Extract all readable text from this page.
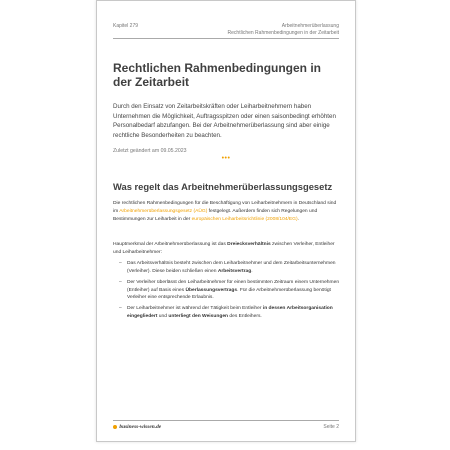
Kapitel 279	Arbeitnehmerüberlassung
Rechtlichen Rahmenbedingungen in der Zeitarbeit
Rechtlichen Rahmenbedingungen in der Zeitarbeit
Durch den Einsatz von Zeitarbeitskräften oder Leiharbeitnehmern haben Unternehmen die Möglichkeit, Auftragsspitzen oder einen saisonbedingt erhöhten Personalbedarf abzufangen. Bei der Arbeitnehmerüberlassung sind aber einige rechtliche Besonderheiten zu beachten.
Zuletzt geändert am 09.05.2023
•••
Was regelt das Arbeitnehmerüberlassungsgesetz
Die rechtlichen Rahmenbedingungen für die Beschäftigung von Leiharbeitnehmern in Deutschland sind im Arbeitnehmerüberlassungsgesetz (AÜG) festgelegt. Außerdem finden sich Regelungen und Bestimmungen zur Leiharbeit in der europäischen Leiharbeitsrichtlinie (2008/104/EG).
Hauptmerkmal der Arbeitnehmerüberlassung ist das Dreiecksverhältnis zwischen Verleiher, Entleiher und Leiharbeitnehmer:
– Das Arbeitsverhältnis besteht zwischen dem Leiharbeitnehmer und dem Zeitarbeitsunternehmen (Verleiher). Diese beiden schließen einen Arbeitsvertrag.
– Der Verleiher überlässt den Leiharbeitnehmer für einen bestimmten Zeitraum einem Unternehmen (Entleiher) auf Basis eines Überlassungsvertrags. Für die Arbeitnehmerüberlassung benötigt Verleiher eine entsprechende Erlaubnis.
– Der Leiharbeitnehmer ist während der Tätigkeit beim Entleiher in dessen Arbeitsorganisation eingegliedert und unterliegt den Weisungen des Entleihers.
business-wissen.de	Seite 2
